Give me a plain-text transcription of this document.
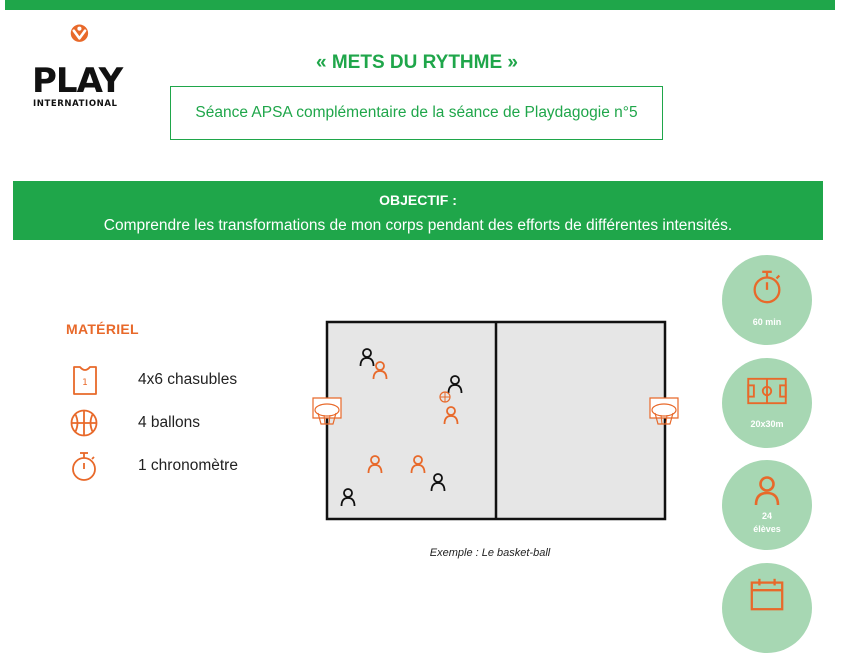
PLAY
INTERNATIONAL
« METS DU RYTHME »
Séance APSA complémentaire de la séance de Playdagogie n°5
OBJECTIF :
Comprendre les transformations de mon corps pendant des efforts de différentes intensités.
MATÉRIEL
1	4x6 chasubles
4 ballons
1 chronomètre
Exemple : Le basket-ball
60 min
20x30m
24
élèves
